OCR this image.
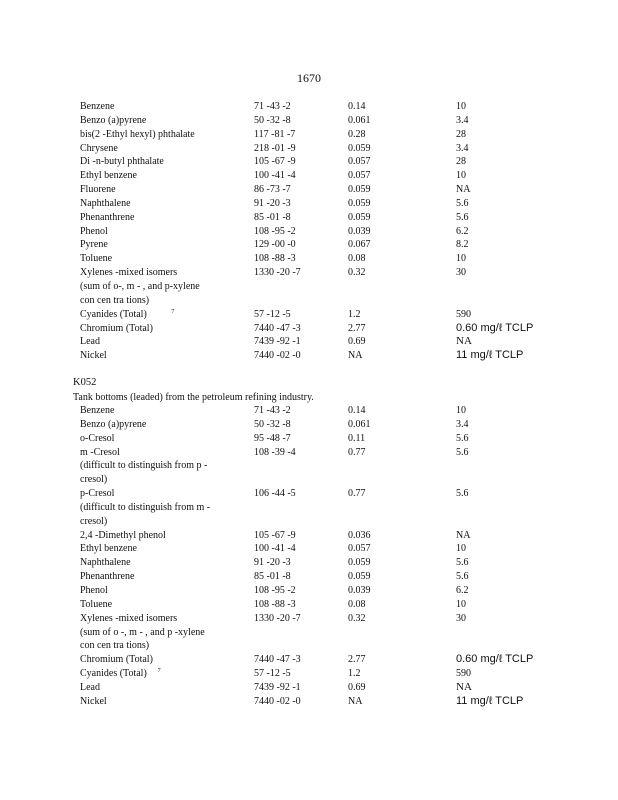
1670
Benzene	71 -43 -2	0.14	10
Benzo (a)pyrene	50 -32 -8	0.061	3.4
bis(2 -Ethyl hexyl) phthalate	117 -81 -7	0.28	28
Chrysene	218 -01 -9	0.059	3.4
Di -n-butyl phthalate	105 -67 -9	0.057	28
Ethyl benzene	100 -41 -4	0.057	10
Fluorene	86 -73 -7	0.059	NA
Naphthalene	91 -20 -3	0.059	5.6
Phenanthrene	85 -01 -8	0.059	5.6
Phenol	108 -95 -2	0.039	6.2
Pyrene	129 -00 -0	0.067	8.2
Toluene	108 -88 -3	0.08	10
Xylenes -mixed isomers	1330 -20 -7	0.32	30
(sum of o-, m - , and p-xylene
con cen tra tions)
Cyanides (Total)	7	57 -12 -5	1.2	590
Chromium (Total)	7440 -47 -3	2.77	0.60 mg/ℓ TCLP
Lead	7439 -92 -1	0.69	NA
Nickel	7440 -02 -0	NA	11 mg/ℓ TCLP
K052
Tank bottoms (leaded) from the petroleum refining industry.
Benzene	71 -43 -2	0.14	10
Benzo (a)pyrene	50 -32 -8	0.061	3.4
o-Cresol	95 -48 -7	0.11	5.6
m -Cresol	108 -39 -4	0.77	5.6
(difficult to distinguish from p -
cresol)
p-Cresol	106 -44 -5	0.77	5.6
(difficult to distinguish from m -
cresol)
2,4 -Dimethyl phenol	105 -67 -9	0.036	NA
Ethyl benzene	100 -41 -4	0.057	10
Naphthalene	91 -20 -3	0.059	5.6
Phenanthrene	85 -01 -8	0.059	5.6
Phenol	108 -95 -2	0.039	6.2
Toluene	108 -88 -3	0.08	10
Xylenes -mixed isomers	1330 -20 -7	0.32	30
(sum of o -, m - , and p -xylene
con cen tra tions)
Chromium (Total)	7440 -47 -3	2.77	0.60 mg/ℓ TCLP
Cyanides (Total) 7	57 -12 -5	1.2	590
Lead	7439 -92 -1	0.69	NA
Nickel	7440 -02 -0	NA	11 mg/ℓ TCLP
